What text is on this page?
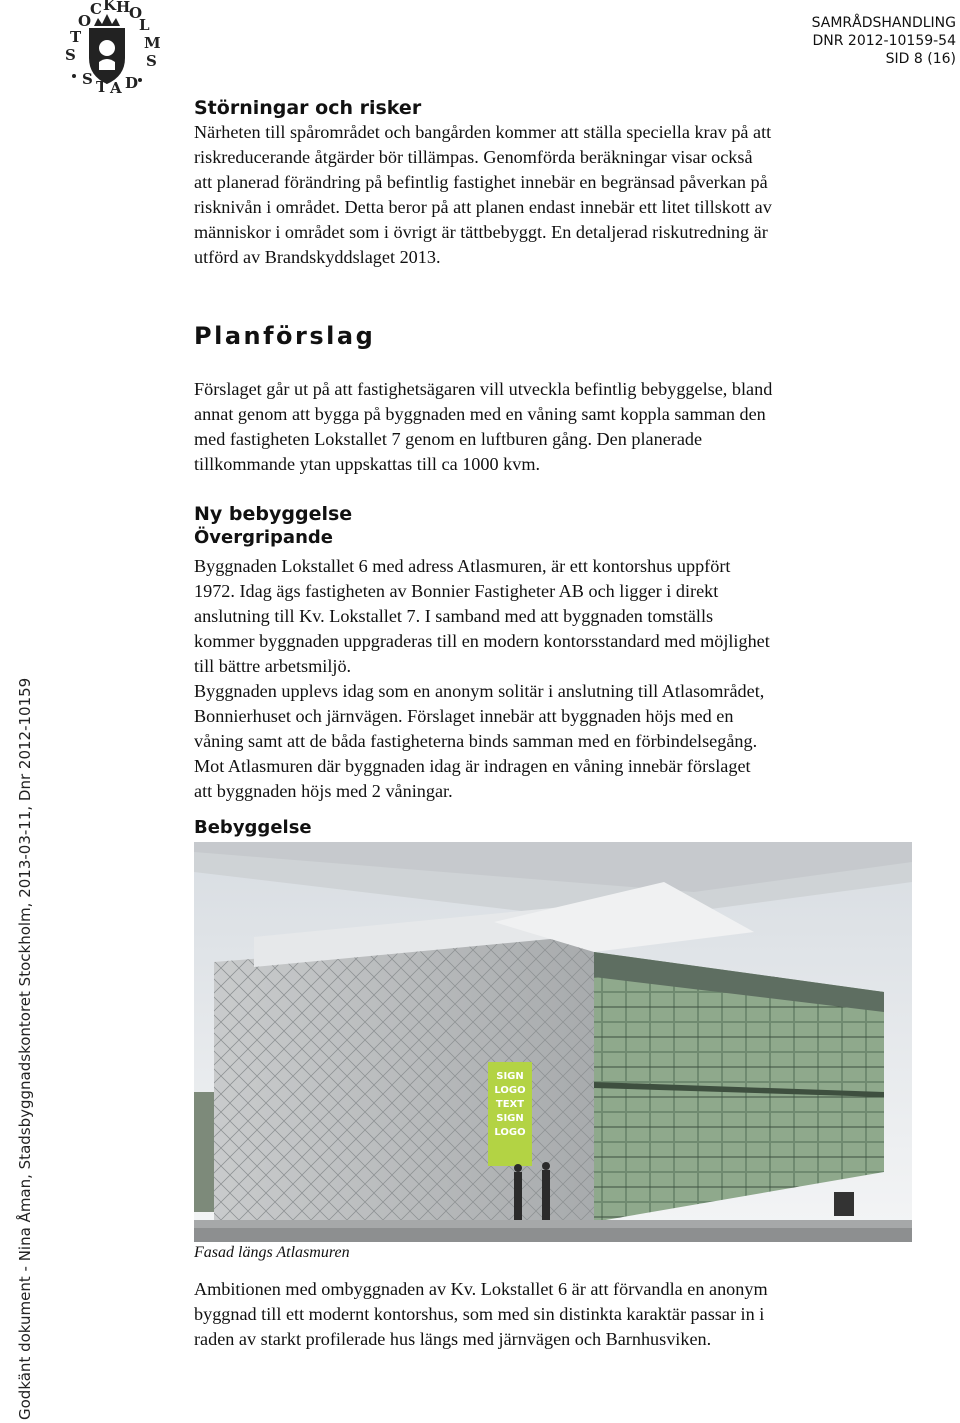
O
C K H
O
T
L
S
M
S
S T A D
SAMRÅDSHANDLING
DNR 2012-10159-54
SID 8 (16)
Godkänt dokument - Nina Åman, Stadsbyggnadskontoret Stockholm, 2013-03-11, Dnr 2012-10159
Störningar och risker

Närheten till spårområdet och bangården kommer att ställa speciella krav på att

riskreducerande åtgärder bör tillämpas. Genomförda beräkningar visar också

att planerad förändring på befintlig fastighet innebär en begränsad påverkan på

risknivån i området. Detta beror på att planen endast innebär ett litet tillskott av

människor i området som i övrigt är tättbebyggt. En detaljerad riskutredning är

utförd av Brandskyddslaget 2013.

Planförslag

Förslaget går ut på att fastighetsägaren vill utveckla befintlig bebyggelse, bland

annat genom att bygga på byggnaden med en våning samt koppla samman den

med fastigheten Lokstallet 7 genom en luftburen gång. Den planerade

tillkommande ytan uppskattas till ca 1000 kvm.

Ny bebyggelse
Övergripande

Byggnaden Lokstallet 6 med adress Atlasmuren, är ett kontorshus uppfört

1972. Idag ägs fastigheten av Bonnier Fastigheter AB och ligger i direkt

anslutning till Kv. Lokstallet 7. I samband med att byggnaden tomställs

kommer byggnaden uppgraderas till en modern kontorsstandard med möjlighet

till bättre arbetsmiljö.

Byggnaden upplevs idag som en anonym solitär i anslutning till Atlasområdet,

Bonnierhuset och järnvägen. Förslaget innebär att byggnaden höjs med en

våning samt att de båda fastigheterna binds samman med en förbindelsegång.

Mot Atlasmuren där byggnaden idag är indragen en våning innebär förslaget

att byggnaden höjs med 2 våningar.

Bebyggelse
SIGN
LOGO
TEXT
SIGN
LOGO

Fasad längs Atlasmuren

Ambitionen med ombyggnaden av Kv. Lokstallet 6 är att förvandla en anonym

byggnad till ett modernt kontorshus, som med sin distinkta karaktär passar in i

raden av starkt profilerade hus längs med järnvägen och Barnhusviken.
